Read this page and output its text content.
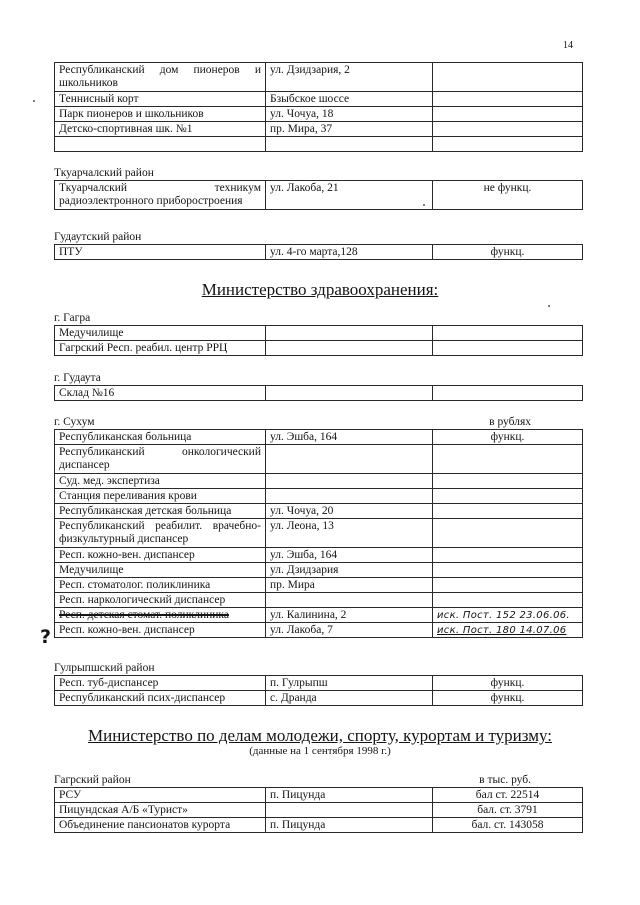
14
Республиканский дом пионеров и школьников	ул. Дзидзария, 2	
Теннисный корт	Бзыбское шоссе	
Парк пионеров и школьников	ул. Чочуа, 18	
Детско-спортивная шк. №1	пр. Мира, 37	

Ткуарчалский район
Ткуарчалский техникум радиоэлектронного приборостроения	ул. Лакоба, 21	не функц.
Гудаутский район
ПТУ	ул. 4-го марта,128	функц.
Министерство здравоохранения:
г. Гагра
Медучилище		
Гагрский Респ. реабил. центр РРЦ		
г. Гудаута
Склад №16		
г. Сухум	в рублях
Республиканская больница	ул. Эшба, 164	функц.
Республиканский онкологический диспансер		
Суд. мед. экспертиза		
Станция переливания крови		
Республиканская детская больница	ул. Чочуа, 20	
Республиканский реабилит. врачебно-физкультурный диспансер	ул. Леона, 13	
Респ. кожно-вен. диспансер	ул. Эшба, 164	
Медучилище	ул. Дзидзария	
Респ. стоматолог. поликлиника	пр. Мира	
Респ. наркологический диспансер		
Респ. детская стомат. поликлиника	ул. Калинина, 2	иск. Пост. 152 23.06.06.
Респ. кожно-вен. диспансер	ул. Лакоба, 7	иск. Пост. 180 14.07.06
?
Гулрыпшский район
Респ. туб-диспансер	п. Гулрыпш	функц.
Республиканский псих-диспансер	с. Дранда	функц.
Министерство по делам молодежи, спорту, курортам и туризму:
(данные на 1 сентября 1998 г.)
Гагрский район	в тыс. руб.
РСУ	п. Пицунда	бал ст. 22514
Пицундская А/Б «Турист»		бал. ст. 3791
Объединение пансионатов курорта	п. Пицунда	бал. ст. 143058
